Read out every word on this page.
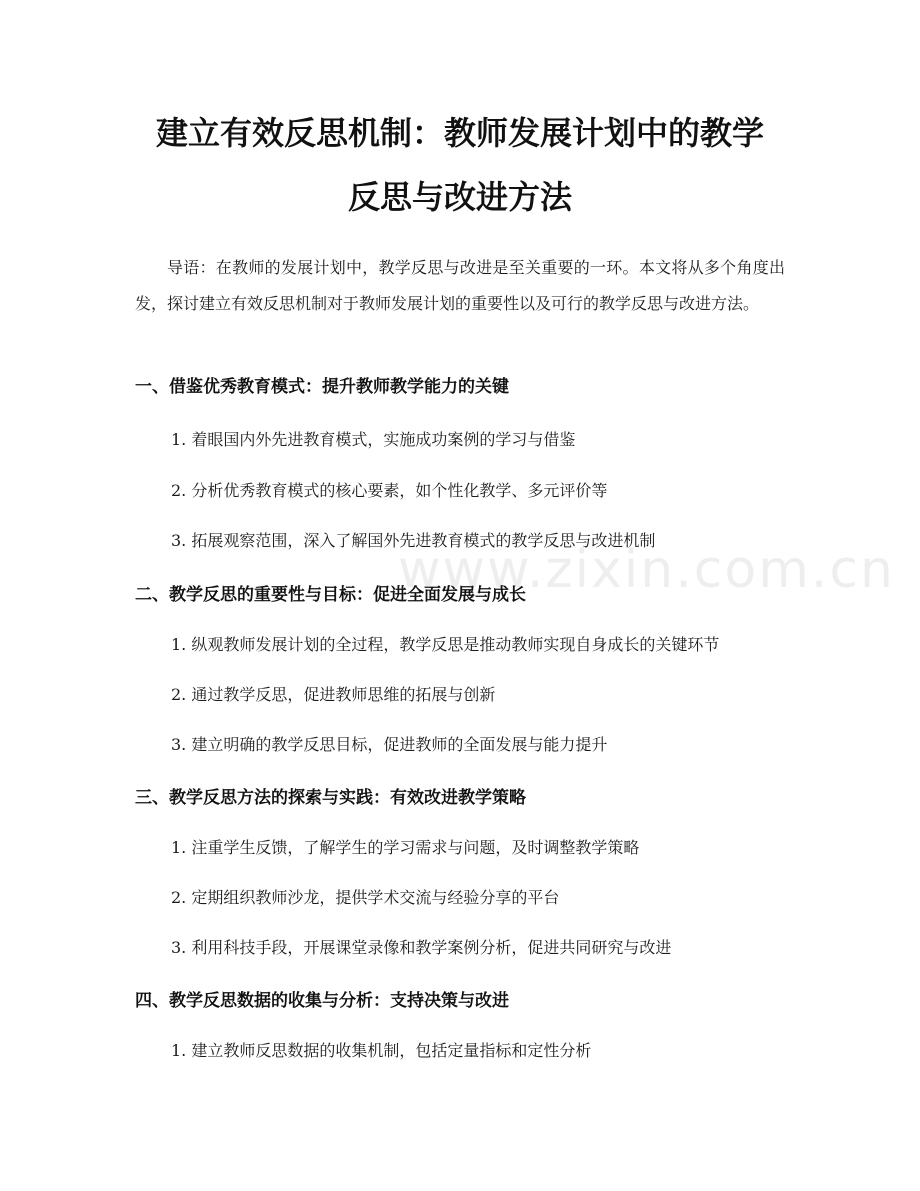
建立有效反思机制：教师发展计划中的教学
反思与改进方法

导语：在教师的发展计划中，教学反思与改进是至关重要的一环。本文将从多个角度出发，探讨建立有效反思机制对于教师发展计划的重要性以及可行的教学反思与改进方法。

一、借鉴优秀教育模式：提升教师教学能力的关键

1. 着眼国内外先进教育模式，实施成功案例的学习与借鉴

2. 分析优秀教育模式的核心要素，如个性化教学、多元评价等

3. 拓展观察范围，深入了解国外先进教育模式的教学反思与改进机制

二、教学反思的重要性与目标：促进全面发展与成长

1. 纵观教师发展计划的全过程，教学反思是推动教师实现自身成长的关键环节

2. 通过教学反思，促进教师思维的拓展与创新

3. 建立明确的教学反思目标，促进教师的全面发展与能力提升

三、教学反思方法的探索与实践：有效改进教学策略

1. 注重学生反馈，了解学生的学习需求与问题，及时调整教学策略

2. 定期组织教师沙龙，提供学术交流与经验分享的平台

3. 利用科技手段，开展课堂录像和教学案例分析，促进共同研究与改进

四、教学反思数据的收集与分析：支持决策与改进

1. 建立教师反思数据的收集机制，包括定量指标和定性分析

www.zixin.com.cn
